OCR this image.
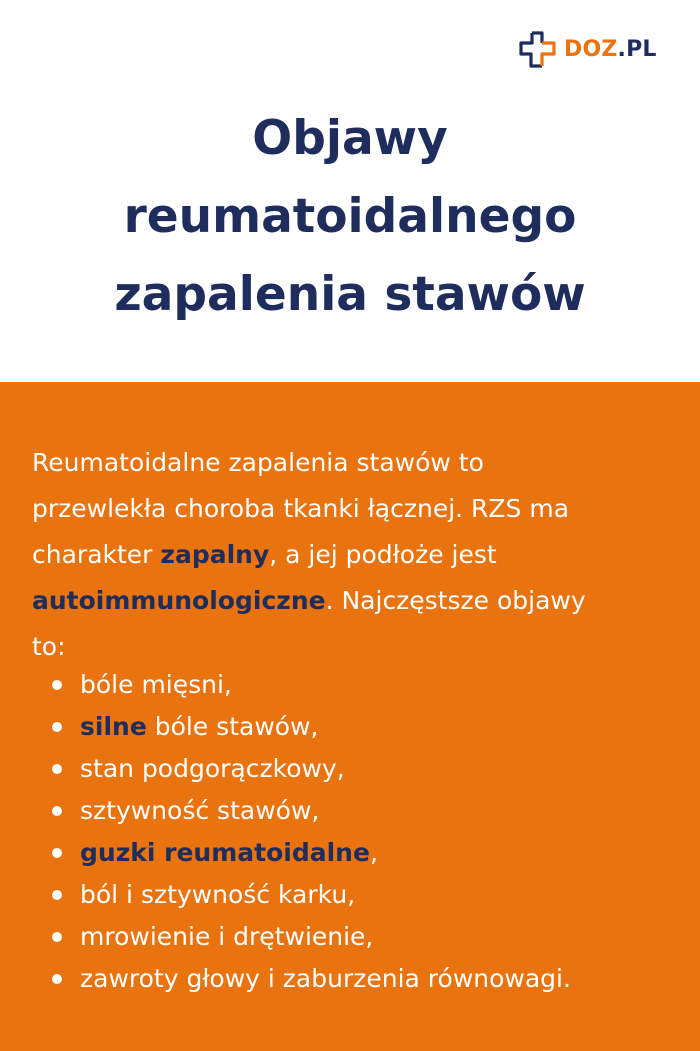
DOZ.PL
Objawy
reumatoidalnego
zapalenia stawów

Reumatoidalne zapalenia stawów to
przewlekła choroba tkanki łącznej. RZS ma
charakter zapalny, a jej podłoże jest
autoimmunologiczne. Najczęstsze objawy
to:

bóle mięsni,
silne bóle stawów,
stan podgorączkowy,
sztywność stawów,
guzki reumatoidalne,
ból i sztywność karku,
mrowienie i drętwienie,
zawroty głowy i zaburzenia równowagi.
